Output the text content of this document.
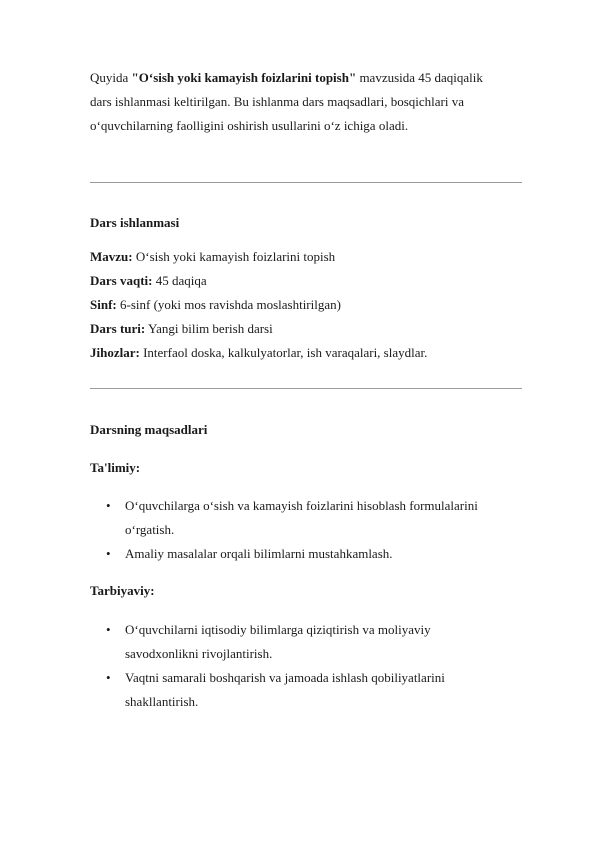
Quyida "O‘sish yoki kamayish foizlarini topish" mavzusida 45 daqiqalik dars ishlanmasi keltirilgan. Bu ishlanma dars maqsadlari, bosqichlari va o‘quvchilarning faolligini oshirish usullarini o‘z ichiga oladi.

Dars ishlanmasi
Mavzu: O‘sish yoki kamayish foizlarini topish
Dars vaqti: 45 daqiqa
Sinf: 6-sinf (yoki mos ravishda moslashtirilgan)
Dars turi: Yangi bilim berish darsi
Jihozlar: Interfaol doska, kalkulyatorlar, ish varaqalari, slaydlar.
Darsning maqsadlari
Ta'limiy:
• O‘quvchilarga o‘sish va kamayish foizlarini hisoblash formulalarini o‘rgatish.
• Amaliy masalalar orqali bilimlarni mustahkamlash.
Tarbiyaviy:
• O‘quvchilarni iqtisodiy bilimlarga qiziqtirish va moliyaviy savodxonlikni rivojlantirish.
• Vaqtni samarali boshqarish va jamoada ishlash qobiliyatlarini shakllantirish.
